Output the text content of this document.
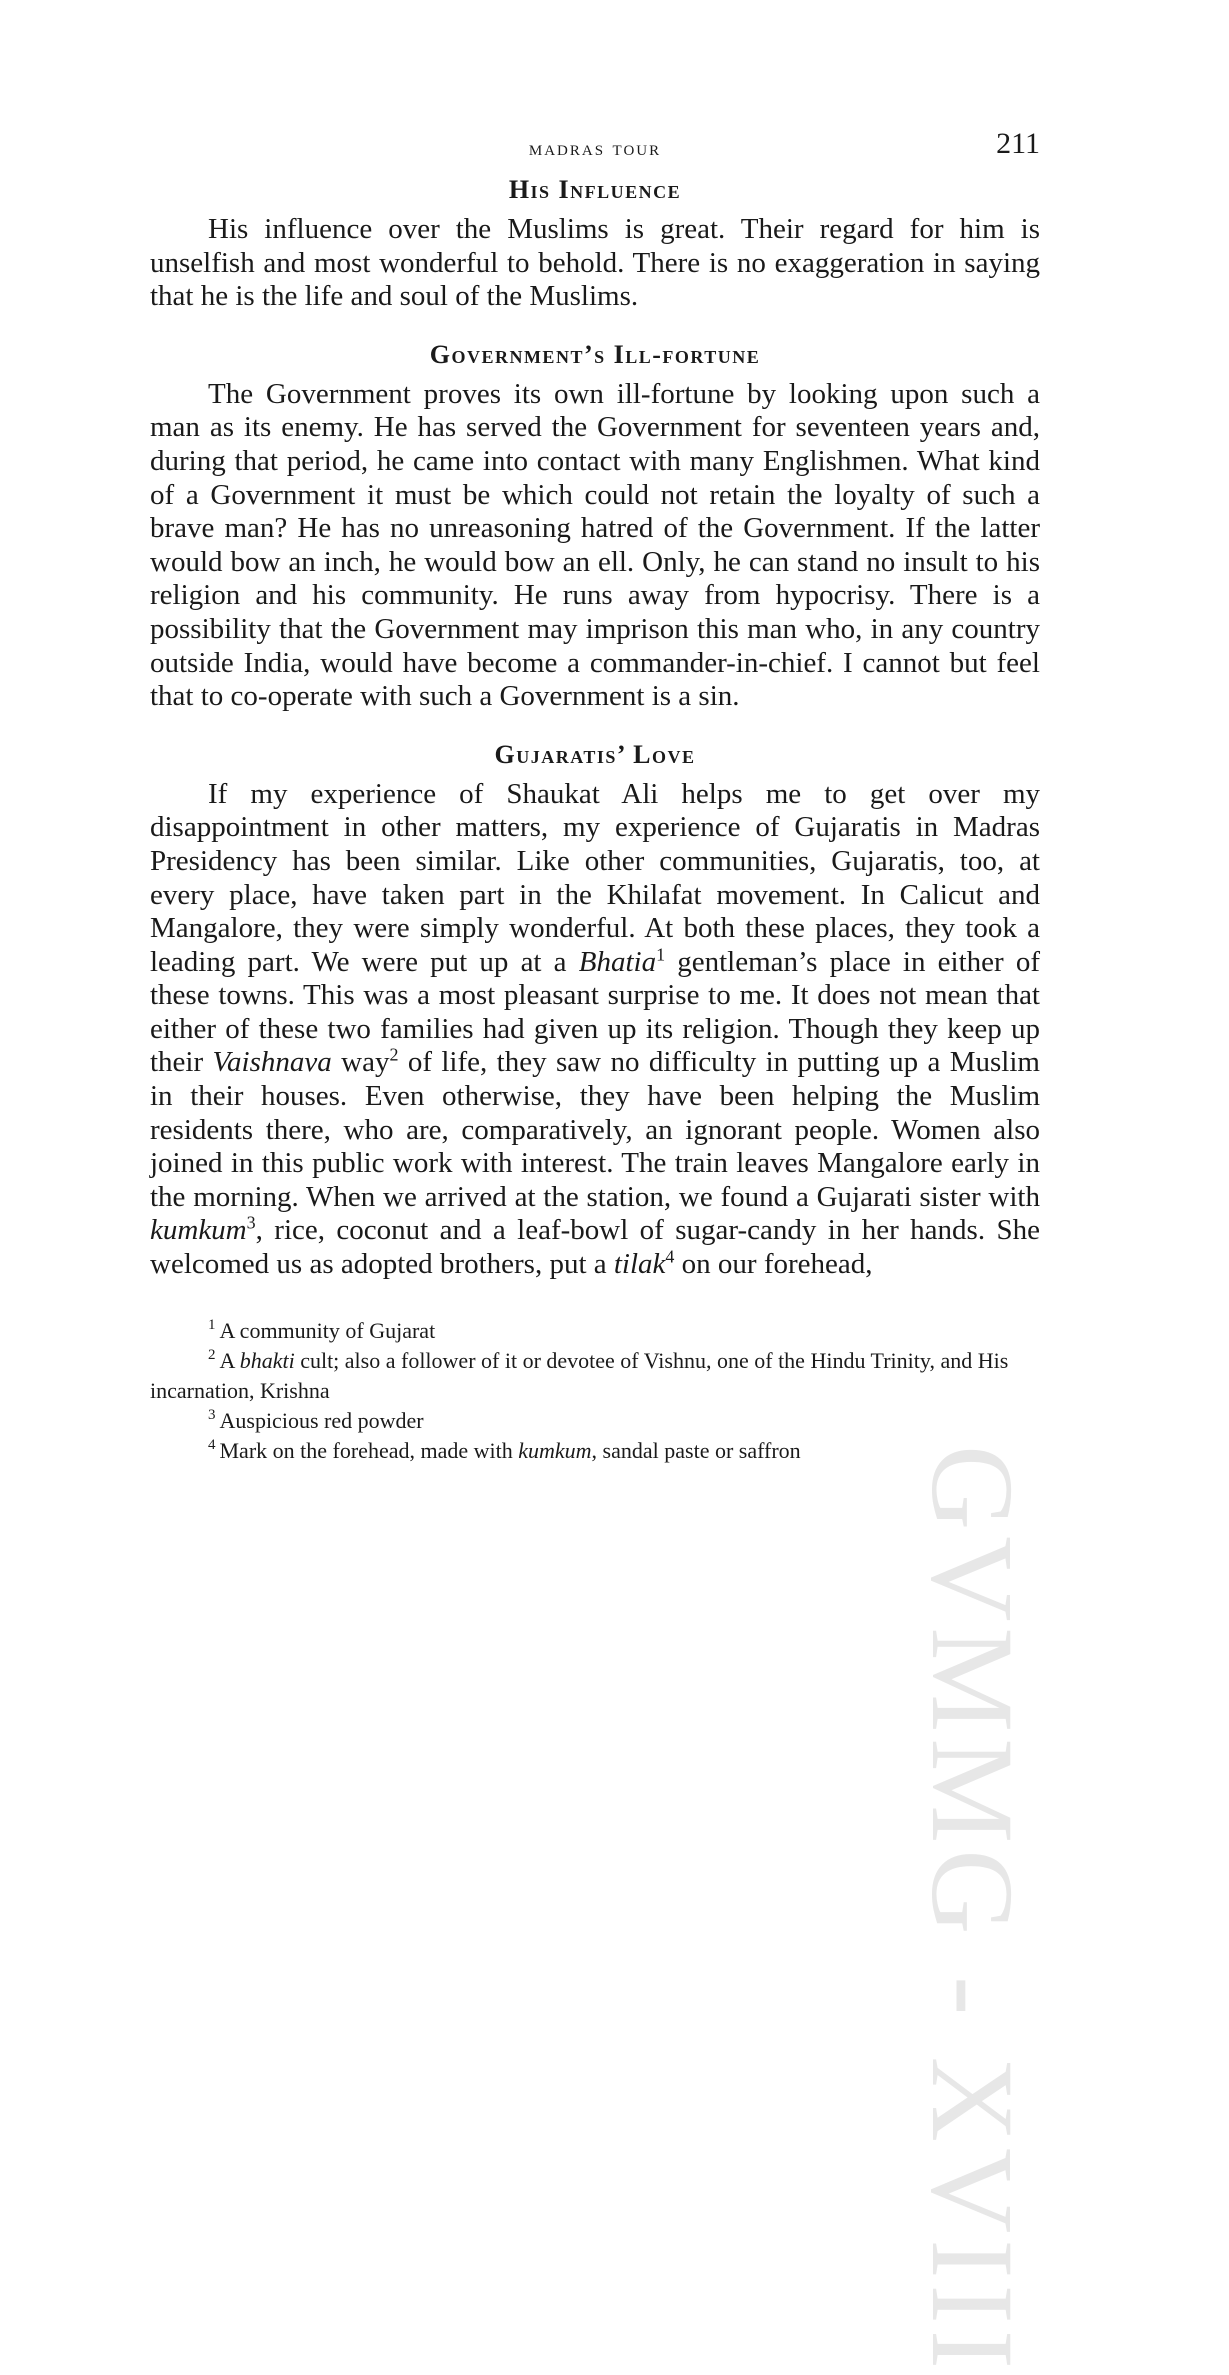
GVMMG - XVIII
madras tour	211
His Influence

His influence over the Muslims is great. Their regard for him is unselfish and most wonderful to behold. There is no exaggeration in saying that he is the life and soul of the Muslims.

Government’s Ill-fortune

The Government proves its own ill-fortune by looking upon such a man as its enemy. He has served the Government for seventeen years and, during that period, he came into contact with many Englishmen. What kind of a Government it must be which could not retain the loyalty of such a brave man? He has no unreasoning hatred of the Government. If the latter would bow an inch, he would bow an ell. Only, he can stand no insult to his religion and his community. He runs away from hypocrisy. There is a possibility that the Government may imprison this man who, in any country outside India, would have become a commander-in-chief. I cannot but feel that to co-operate with such a Government is a sin.

Gujaratis’ Love

If my experience of Shaukat Ali helps me to get over my disappointment in other matters, my experience of Gujaratis in Madras Presidency has been similar. Like other communities, Gujaratis, too, at every place, have taken part in the Khilafat movement. In Calicut and Mangalore, they were simply wonderful. At both these places, they took a leading part. We were put up at a Bhatia$^1$ gentleman’s place in either of these towns. This was a most pleasant surprise to me. It does not mean that either of these two families had given up its religion. Though they keep up their Vaishnava way$^2$ of life, they saw no difficulty in putting up a Muslim in their houses. Even otherwise, they have been helping the Muslim residents there, who are, comparatively, an ignorant people. Women also joined in this public work with interest. The train leaves Mangalore early in the morning. When we arrived at the station, we found a Gujarati sister with kumkum$^3$, rice, coconut and a leaf-bowl of sugar-candy in her hands. She welcomed us as adopted brothers, put a tilak$^4$ on our forehead,

$^1$ A community of Gujarat

$^2$ A bhakti cult; also a follower of it or devotee of Vishnu, one of the Hindu Trinity, and His incarnation, Krishna

$^3$ Auspicious red powder

$^4$ Mark on the forehead, made with kumkum, sandal paste or saffron
